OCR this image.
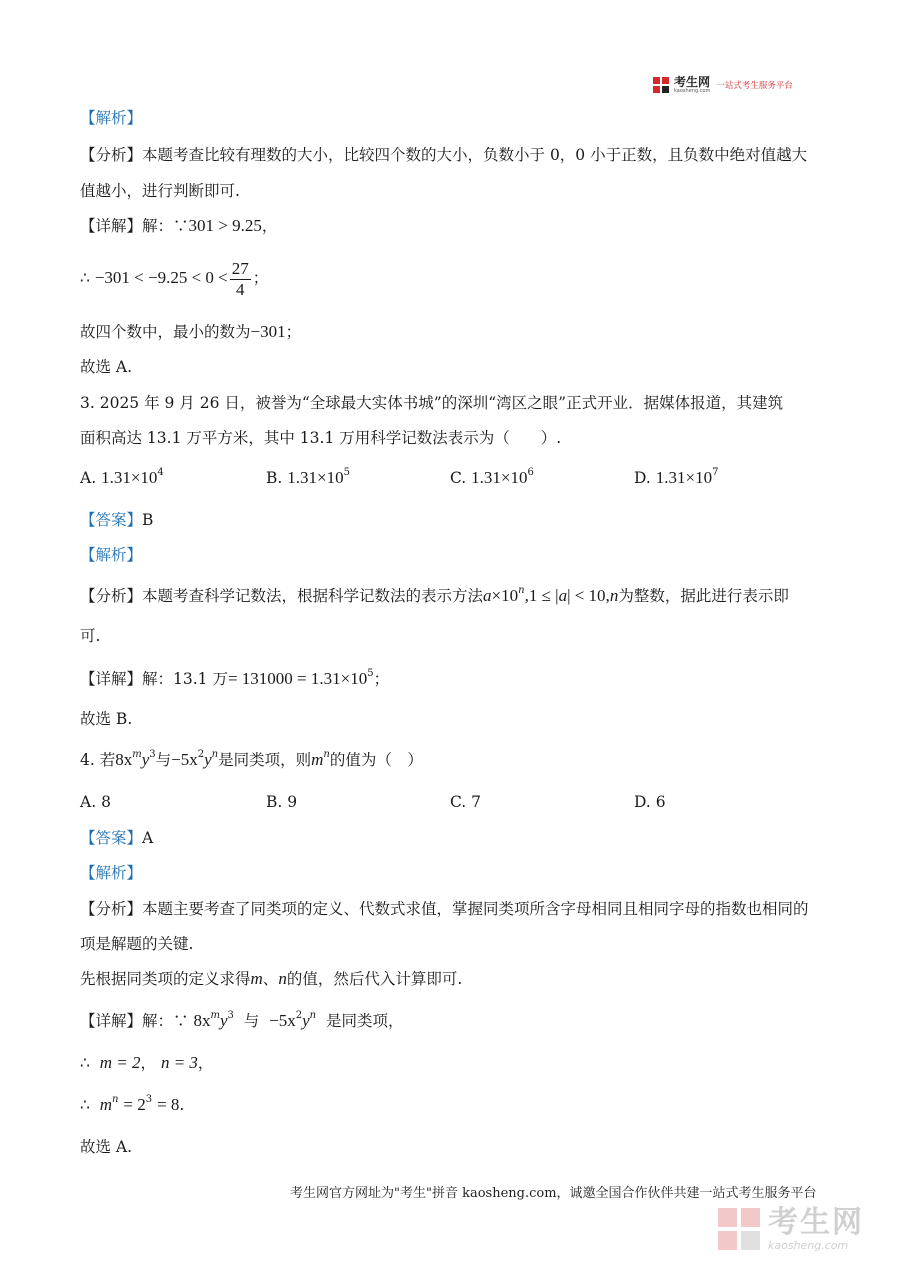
考生网
kaosheng.com 一站式考生服务平台
【解析】
【分析】本题考查比较有理数的大小，比较四个数的大小，负数小于 0，0 小于正数，且负数中绝对值越大
值越小，进行判断即可.
【详解】解：∵301 > 9.25，
∴ $-301 < -9.25 < 0 < \frac{27}{4}$ ；
故四个数中，最小的数为−301；
故选 A.
3. 2025 年 9 月 26 日，被誉为“全球最大实体书城”的深圳“湾区之眼”正式开业．据媒体报道，其建筑
面积高达 13.1 万平方米，其中 13.1 万用科学记数法表示为（　　）.
A. $1.31\times 10^4$	B. $1.31\times 10^5$	C. $1.31\times 10^6$	D. $1.31\times 10^7$
【答案】B
【解析】
【分析】本题考查科学记数法，根据科学记数法的表示方法$a\times 10^n,1 \le |a| < 10,n$为整数，据此进行表示即
可.
【详解】解：13.1 万= $131000 = 1.31\times 10^5$；
故选 B.
4. 若$8x^my^3$与$-5x^2y^n$是同类项，则$m^n$的值为（　）
A. 8	B. 9	C. 7	D. 6
【答案】A
【解析】
【分析】本题主要考查了同类项的定义、代数式求值，掌握同类项所含字母相同且相同字母的指数也相同的
项是解题的关键.
先根据同类项的定义求得m、n的值，然后代入计算即可.
【详解】解：∵ $8x^my^3$ 与 $-5x^2y^n$ 是同类项，
∴ m = 2， n = 3，
∴ $m^n = 2^3 = 8$.
故选 A.
考生网官方网址为"考生"拼音 kaosheng.com，诚邀全国合作伙伴共建一站式考生服务平台
考生网
kaosheng.com
